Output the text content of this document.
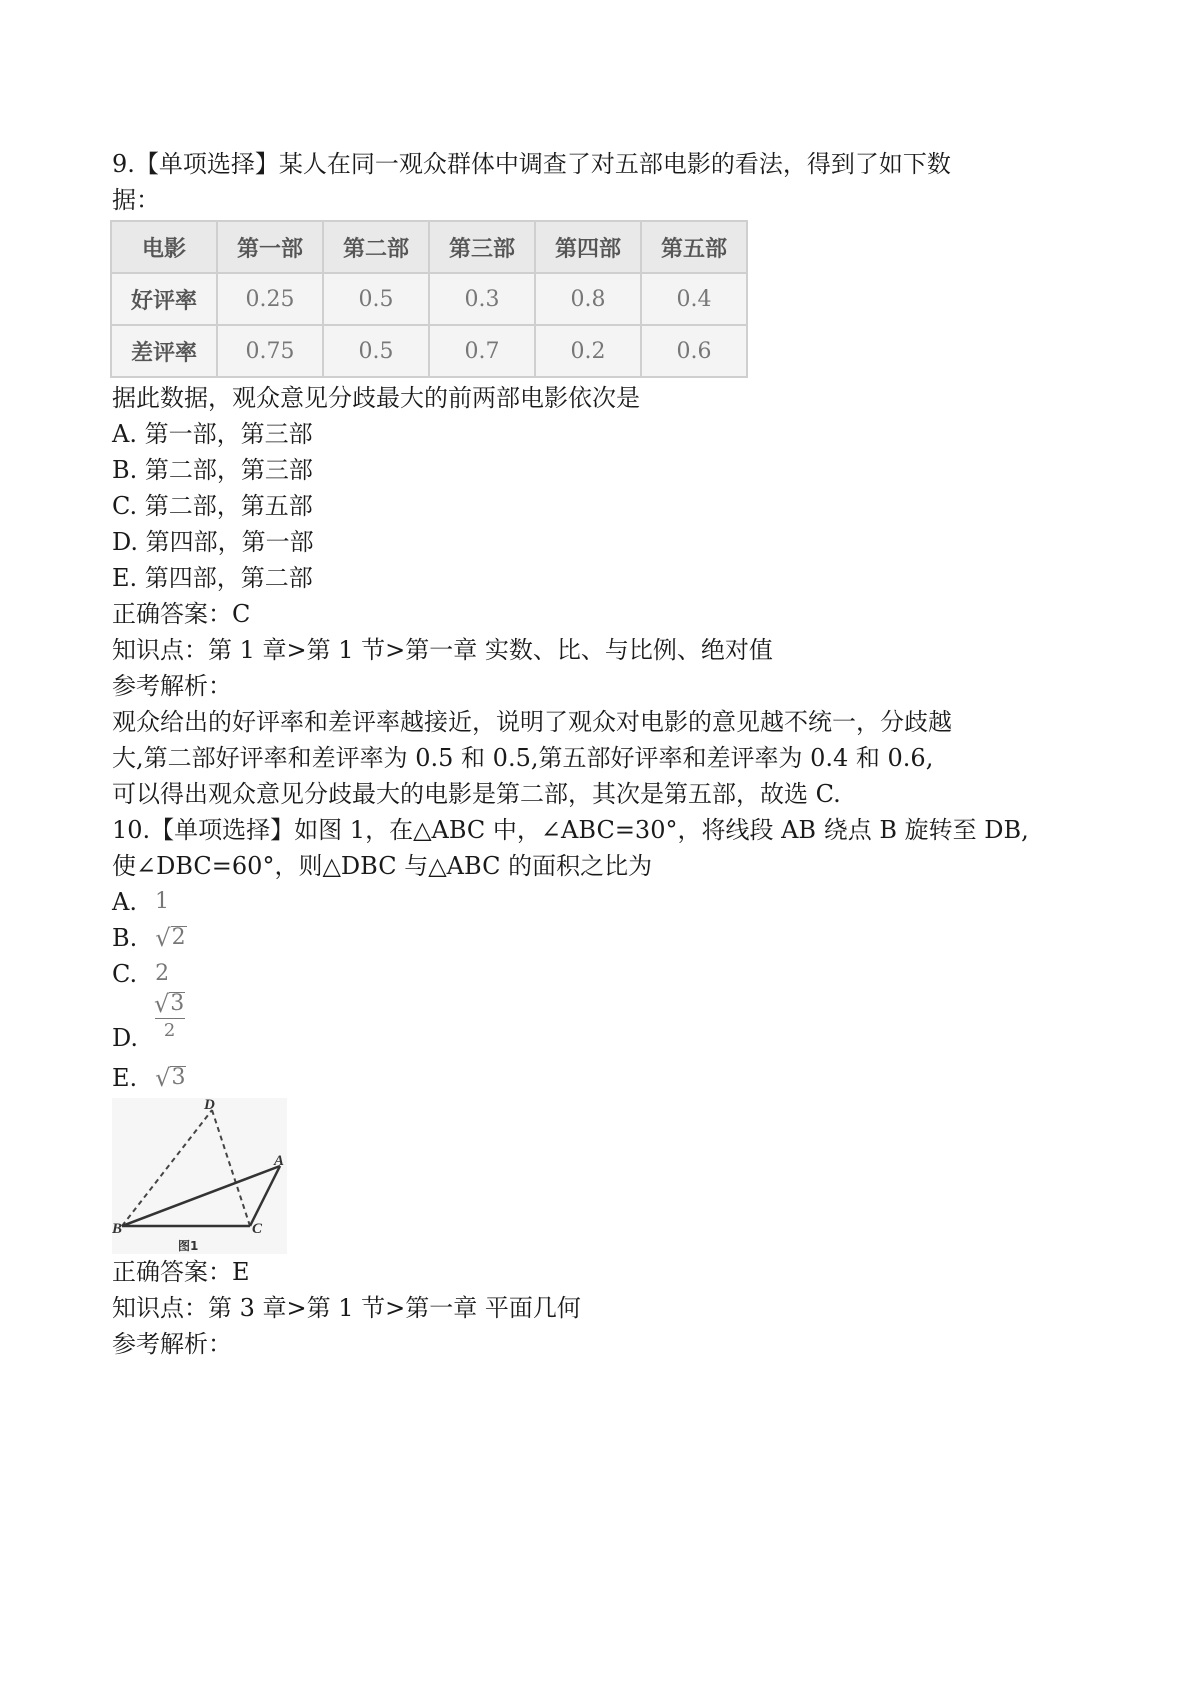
9.【单项选择】某人在同一观众群体中调查了对五部电影的看法，得到了如下数
据：
电影	第一部	第二部	第三部	第四部	第五部
好评率	0.25	0.5	0.3	0.8	0.4
差评率	0.75	0.5	0.7	0.2	0.6
据此数据，观众意见分歧最大的前两部电影依次是
A. 第一部，第三部
B. 第二部，第三部
C. 第二部，第五部
D. 第四部，第一部
E. 第四部，第二部
正确答案：C
知识点：第 1 章>第 1 节>第一章 实数、比、与比例、绝对值
参考解析：
观众给出的好评率和差评率越接近，说明了观众对电影的意见越不统一，分歧越
大,第二部好评率和差评率为 0.5 和 0.5,第五部好评率和差评率为 0.4 和 0.6,
可以得出观众意见分歧最大的电影是第二部，其次是第五部，故选 C.
10.【单项选择】如图 1，在△ABC 中，∠ABC=30°，将线段 AB 绕点 B 旋转至 DB,
使∠DBC=60°，则△DBC 与△ABC 的面积之比为
A. 1
B. √ 2
C. 2
D.
√ 3
2
E. √ 3
D
A
B	C
图1
正确答案：E
知识点：第 3 章>第 1 节>第一章 平面几何
参考解析：
